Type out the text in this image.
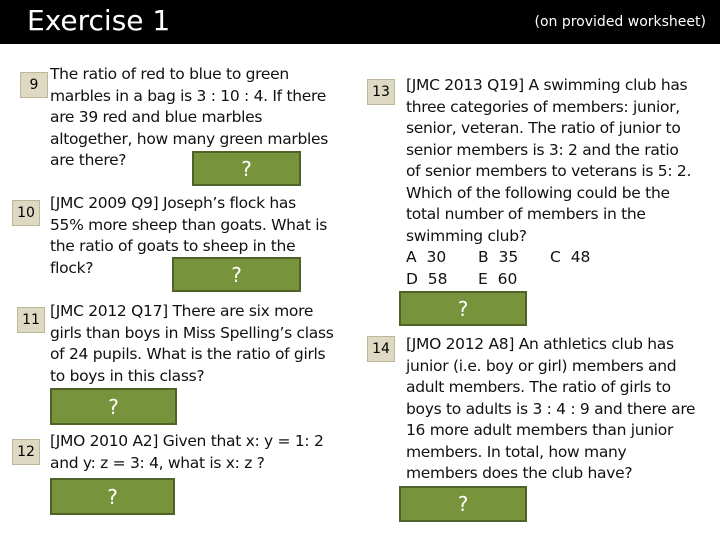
Exercise 1	(on provided worksheet)
9
The ratio of red to blue to green
marbles in a bag is 3 : 10 : 4. If there
are 39 red and blue marbles
altogether, how many green marbles
are there?	?
10
[JMC 2009 Q9] Joseph’s flock has
55% more sheep than goats. What is
the ratio of goats to sheep in the
flock?	?
11 [JMC 2012 Q17] There are six more
girls than boys in Miss Spelling’s class
of 24 pupils. What is the ratio of girls
to boys in this class?
?
12
[JMO 2010 A2] Given that x: y = 1: 2
and y: z = 3: 4, what is x: z ?
?
13	[JMC 2013 Q19] A swimming club has
three categories of members: junior,
senior, veteran. The ratio of junior to
senior members is 3: 2 and the ratio
of senior members to veterans is 5: 2.
Which of the following could be the
total number of members in the
swimming club?
A 30 B 35 C 48
D 58 E 60
?
14	[JMO 2012 A8] An athletics club has
junior (i.e. boy or girl) members and
adult members. The ratio of girls to
boys to adults is 3 : 4 : 9 and there are
16 more adult members than junior
members. In total, how many
members does the club have?
?
